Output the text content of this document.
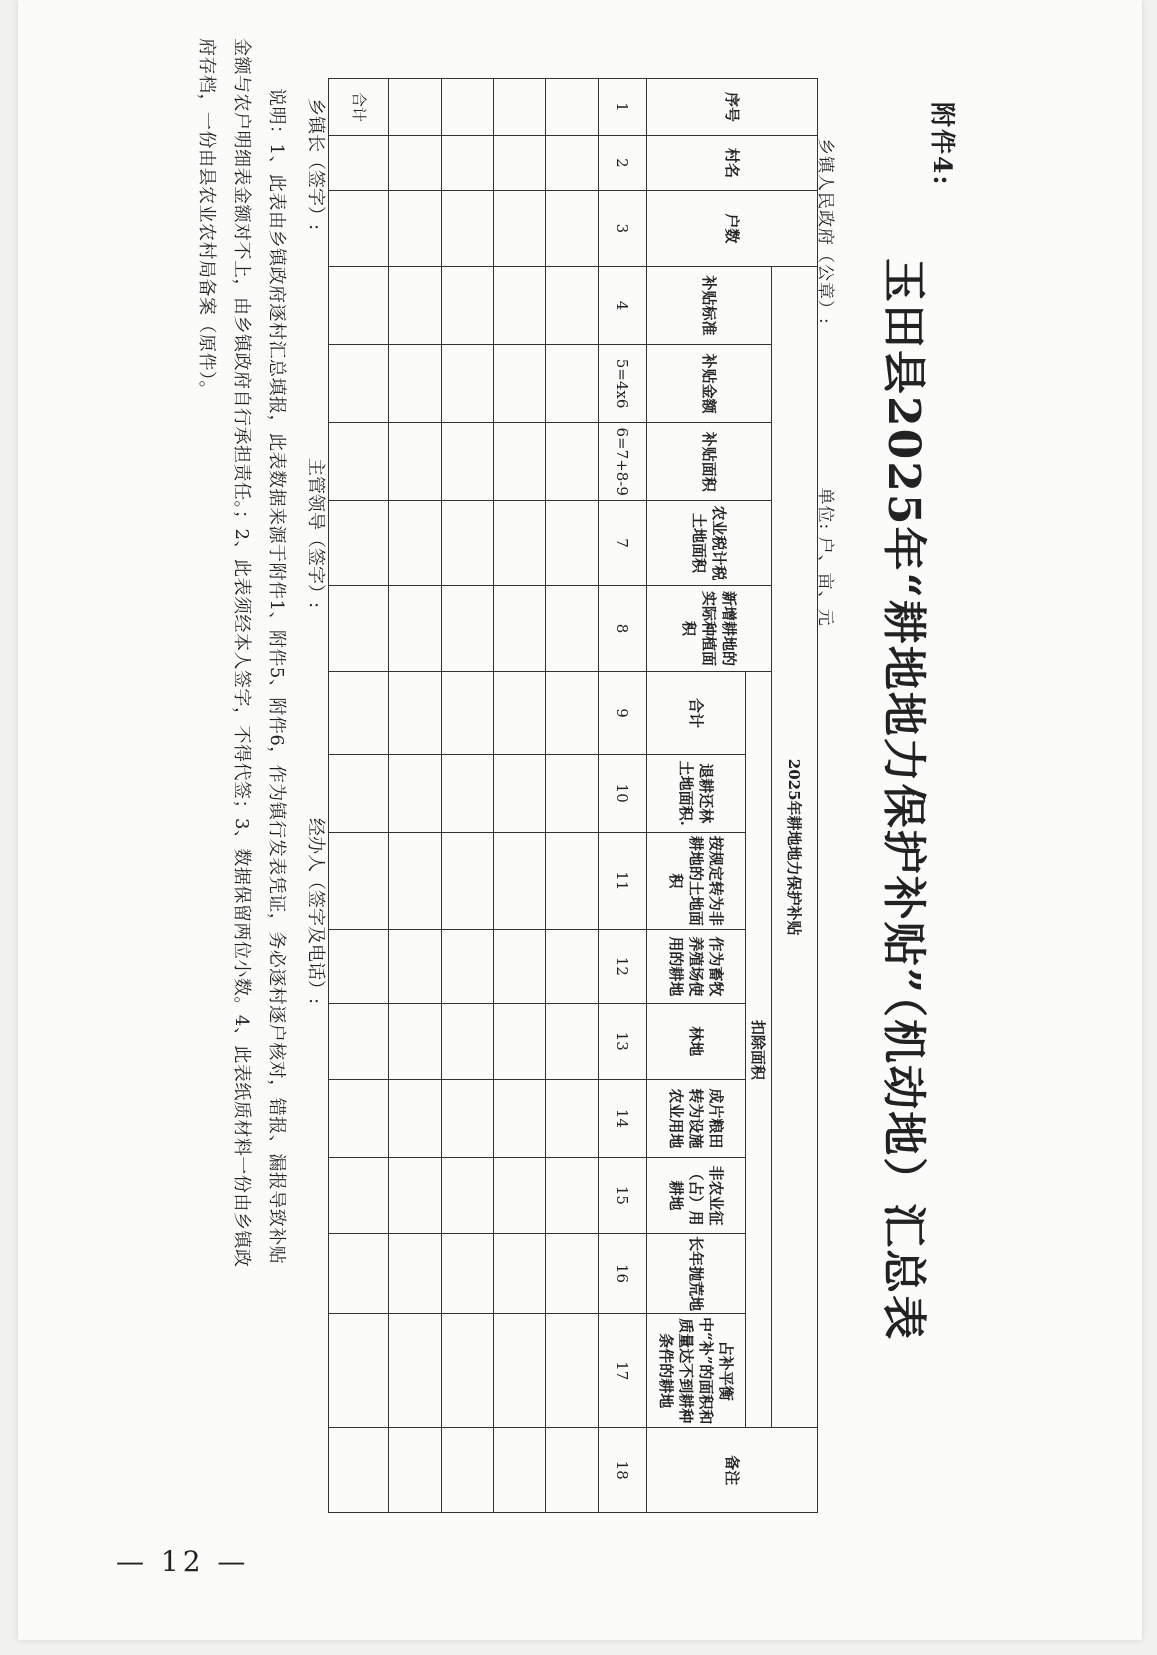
附件4:
玉田县2025年“耕地地力保护补贴”（机动地）汇总表
乡镇人民政府（公章）:  单位: 户、亩、元
序号	村名	户数	2025年耕地地力保护补贴														备注
			补贴标准	补贴金额	补贴面积	农业税计税土地面积	新增耕地的实际种植面积	扣除面积									
								合计	退耕还林土地面积.	按规定转为非耕地的土地面积	作为畜牧养殖场使用的耕地	林地	成片粮田转为设施农业用地	非农业征（占）用耕地	长年抛荒地	占补平衡中“补”的面积和质量达不到耕种条件的耕地	
1	2	3	4	5=4x6	6=7+8-9	7	8	9	10	11	12	13	14	15	16	17	18

合计																	
乡镇长（签字）:
主管领导（签字）:
经办人（签字及电话）:
说明：1、此表由乡镇政府逐村汇总填报，此表数据来源于附件1、附件5、附件6，作为镇行发表凭证，务必逐村逐户核对，错报、漏报导致补贴
金额与农户明细表金额对不上，由乡镇政府自行承担责任。；2、此表须经本人签字，不得代签；3、数据保留两位小数。4、此表纸质材料一份由乡镇政
府存档，一份由县农业农村局备案（原件）。
— 12 —
